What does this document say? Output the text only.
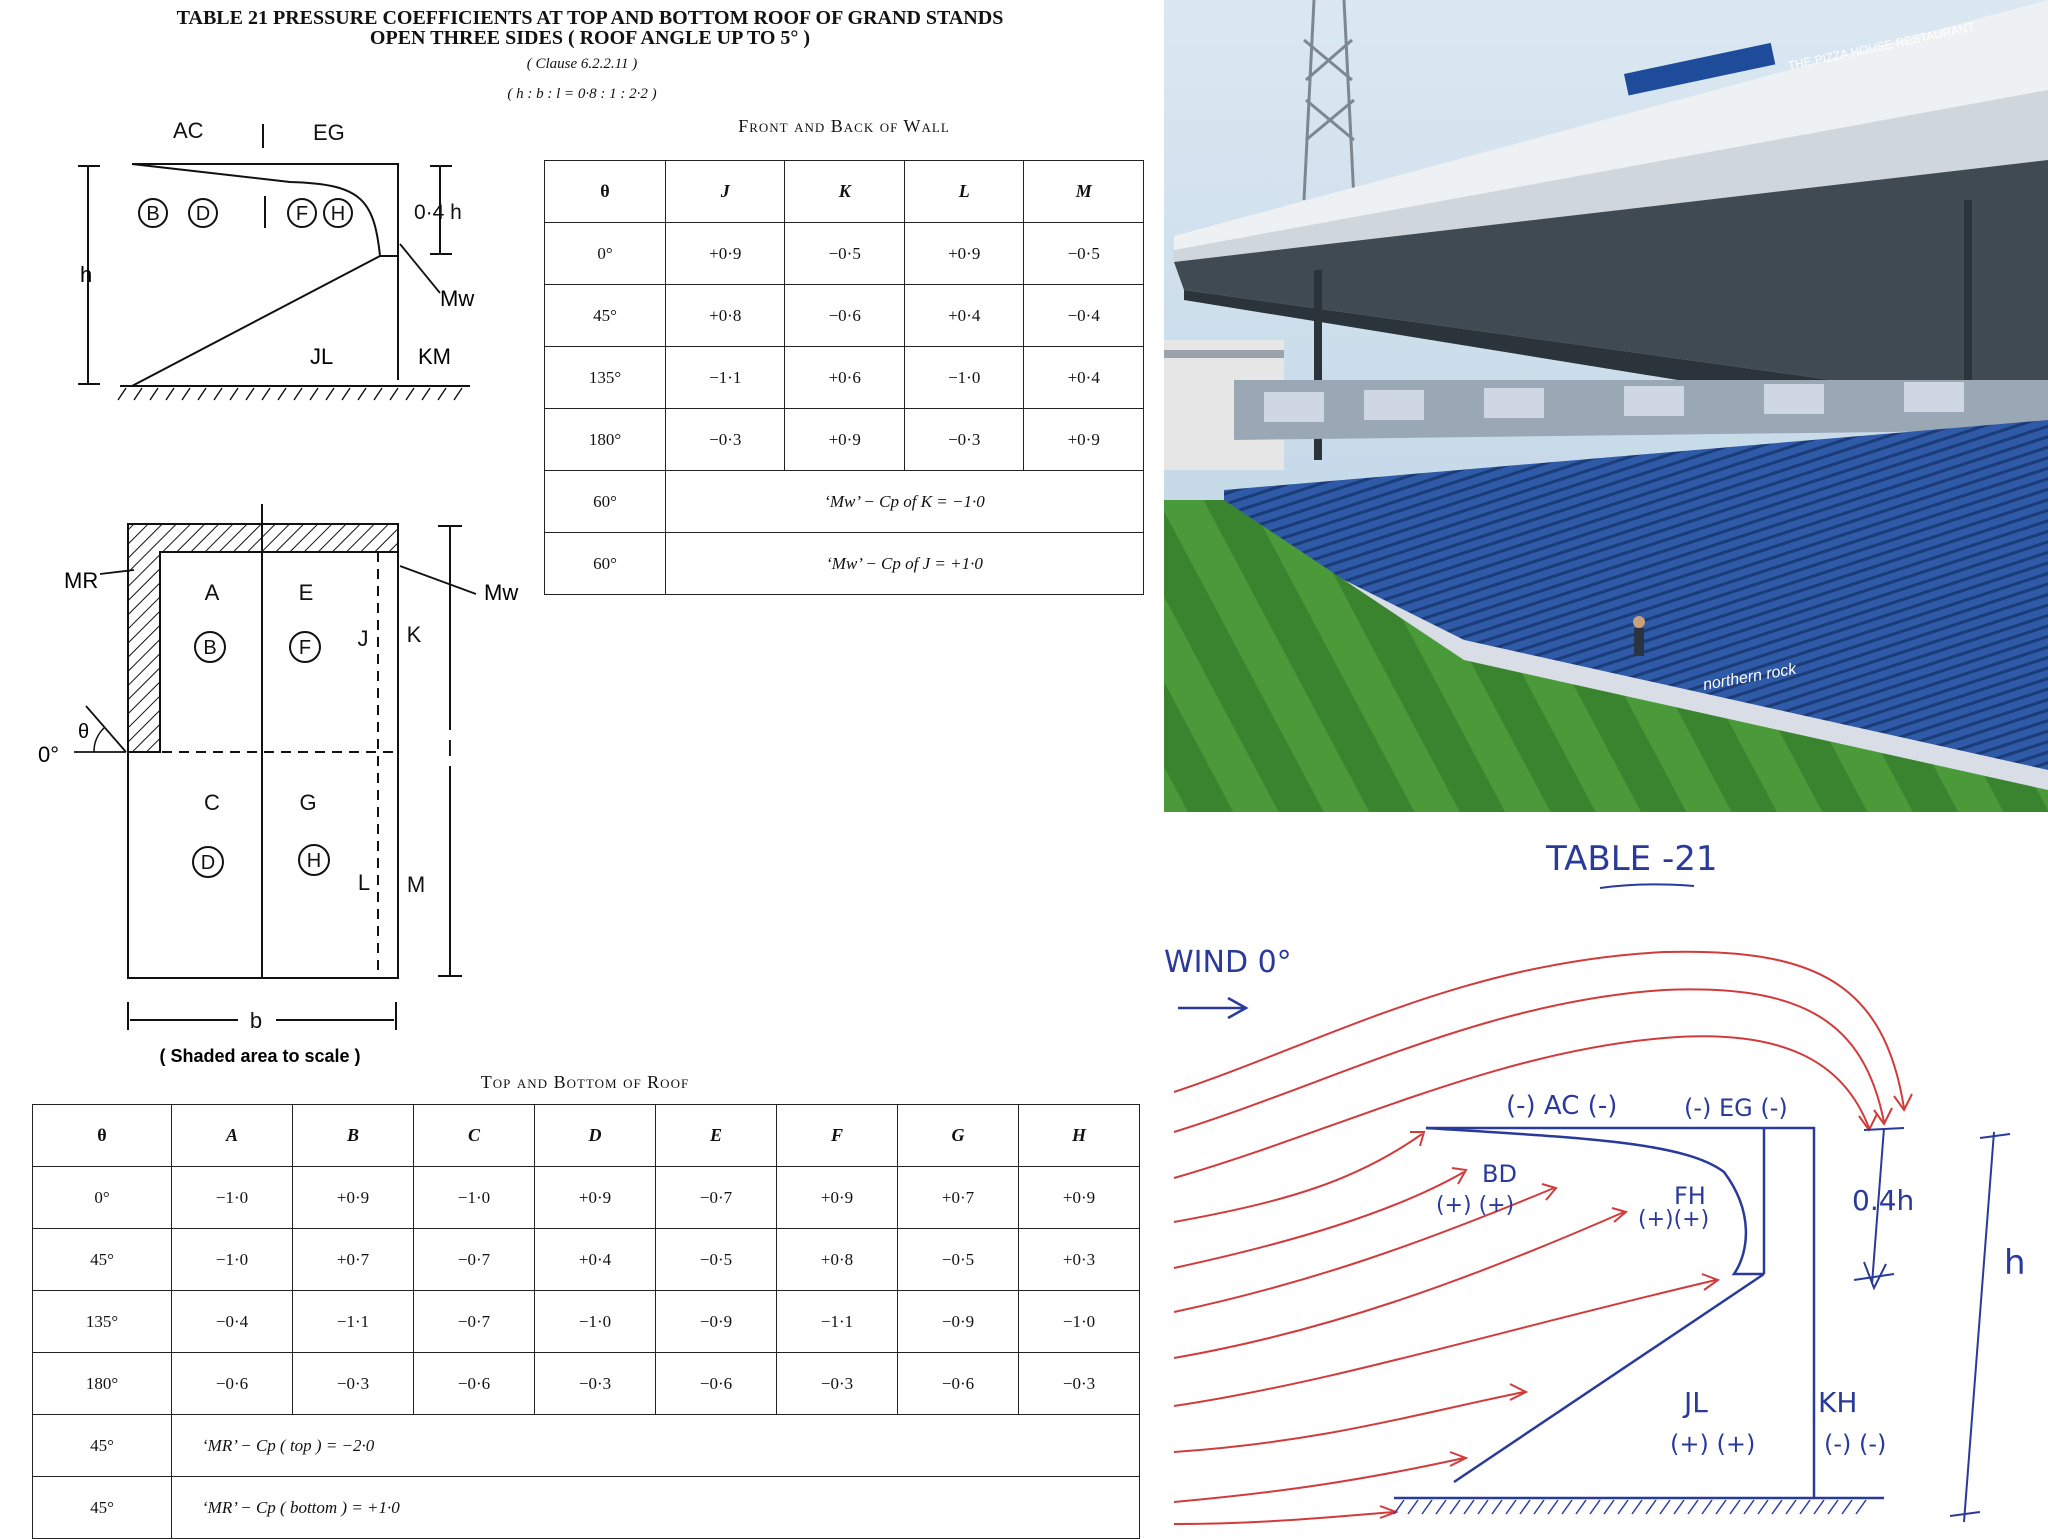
TABLE 21 PRESSURE COEFFICIENTS AT TOP AND BOTTOM ROOF OF GRAND STANDS
OPEN THREE SIDES ( ROOF ANGLE UP TO 5° )
( Clause 6.2.2.11 )
( h : b : l = 0·8 : 1 : 2·2 )
AC	EG
B D	F H
h
0·4 h
Mw
JL	KM
A	E
B	F
C	G
D	H
J K
L M
l
b
MR	Mw
θ
0°
( Shaded area to scale )
Front and Back of Wall
θ	J	K	L	M
0°	+0·9	−0·5	+0·9	−0·5
45°	+0·8	−0·6	+0·4	−0·4
135°	−1·1	+0·6	−1·0	+0·4
180°	−0·3	+0·9	−0·3	+0·9
60°	‘Mw’ − Cp of K = −1·0			
60°	‘Mw’ − Cp of J = +1·0			
Top and Bottom of Roof
θ	A	B	C	D	E	F	G	H
0°	−1·0	+0·9	−1·0	+0·9	−0·7	+0·9	+0·7	+0·9
45°	−1·0	+0·7	−0·7	+0·4	−0·5	+0·8	−0·5	+0·3
135°	−0·4	−1·1	−0·7	−1·0	−0·9	−1·1	−0·9	−1·0
180°	−0·6	−0·3	−0·6	−0·3	−0·6	−0·3	−0·6	−0·3
45°	‘MR’ − Cp ( top ) = −2·0							
45°	‘MR’ − Cp ( bottom ) = +1·0							
THE PIZZA HOUSE RESTAURANT
northern rock
TABLE -21
WIND 0°
(-) AC (-)	(-) EG (-)
BD
(+) (+)	FH
(+)(+)
0.4h
h
JL
(+) (+)
KH
(-) (-)
